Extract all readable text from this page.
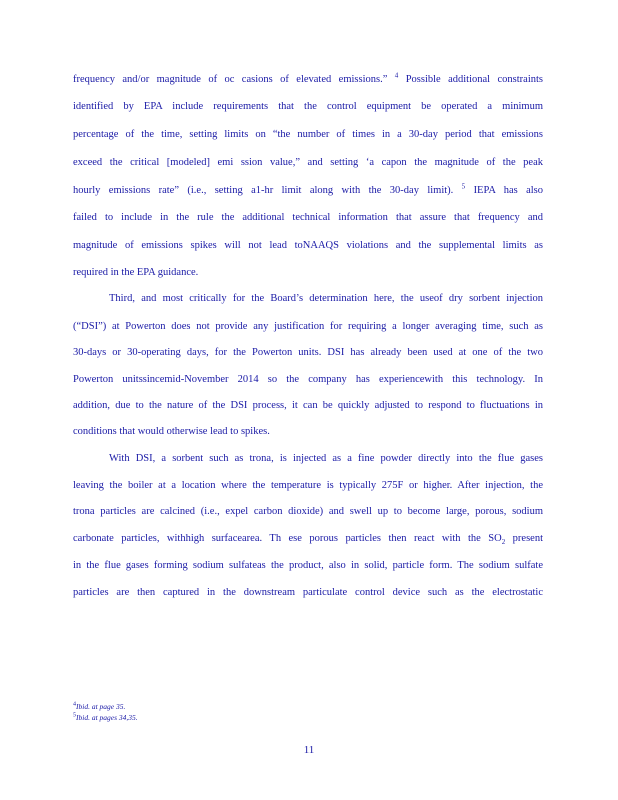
frequency and/or magnitude of oc casions of elevated emissions.” $^4$ Possible additional constraints
identified by EPA include requirements that the control equipment be operated a minimum
percentage of the time, setting limits on “the number of times in a 30-day period that emissions
exceed the critical [modeled] emi ssion value,” and setting ‘a capon the magnitude of the peak
hourly emissions rate” (i.e., setting a1-hr limit along with the 30-day limit). $^5$ IEPA has also
failed to include in the rule the additional technical information that assure that frequency and
magnitude of emissions spikes will not lead toNAAQS violations and the supplemental limits as
required in the EPA guidance.
Third, and most critically for the Board’s determination here, the useof dry sorbent injection
(“DSI”) at Powerton does not provide any justification for requiring a longer averaging time, such as
30-days or 30-operating days, for the Powerton units. DSI has already been used at one of the two
Powerton unitssincemid-November 2014 so the company has experiencewith this technology. In
addition, due to the nature of the DSI process, it can be quickly adjusted to respond to fluctuations in
conditions that would otherwise lead to spikes.
With DSI, a sorbent such as trona, is injected as a fine powder directly into the flue gases
leaving the boiler at a location where the temperature is typically 275F or higher. After injection, the
trona particles are calcined (i.e., expel carbon dioxide) and swell up to become large, porous, sodium
carbonate particles, withhigh surfacearea. Th ese porous particles then react with the $SO_2$ present
in the flue gases forming sodium sulfateas the product, also in solid, particle form. The sodium sulfate
particles are then captured in the downstream particulate control device such as the electrostatic
$^4$Ibid. at page 35.
$^5$Ibid. at pages 34,35.
11
